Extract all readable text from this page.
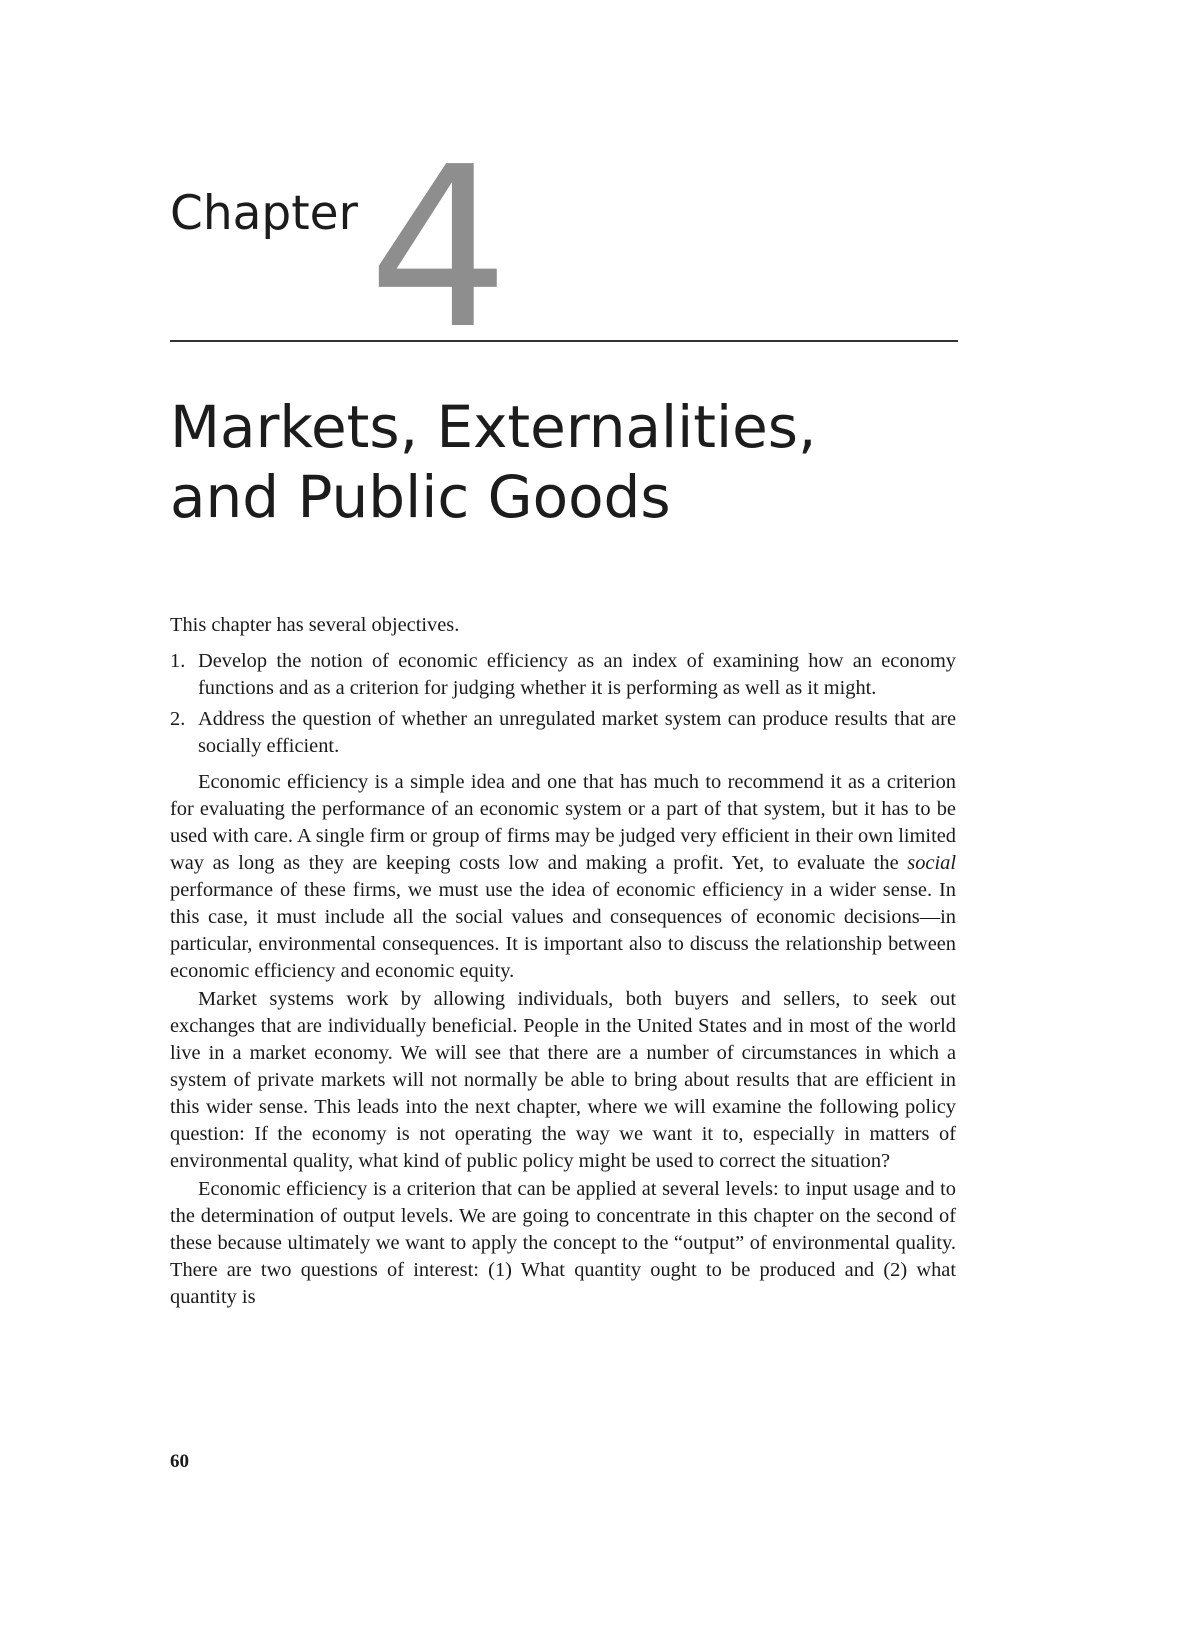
Chapter 4
Markets, Externalities,
and Public Goods

This chapter has several objectives.

1. Develop the notion of economic efficiency as an index of examining how an economy functions and as a criterion for judging whether it is performing as well as it might.
2. Address the question of whether an unregulated market system can produce results that are socially efficient.

Economic efficiency is a simple idea and one that has much to recommend it as a criterion for evaluating the performance of an economic system or a part of that system, but it has to be used with care. A single firm or group of firms may be judged very efficient in their own limited way as long as they are keeping costs low and making a profit. Yet, to evaluate the social performance of these firms, we must use the idea of economic efficiency in a wider sense. In this case, it must include all the social values and consequences of economic decisions—in particular, environmental consequences. It is important also to discuss the relationship between economic efficiency and economic equity.

Market systems work by allowing individuals, both buyers and sellers, to seek out exchanges that are individually beneficial. People in the United States and in most of the world live in a market economy. We will see that there are a number of circumstances in which a system of private markets will not normally be able to bring about results that are efficient in this wider sense. This leads into the next chapter, where we will examine the following policy question: If the economy is not operating the way we want it to, especially in matters of environmental quality, what kind of public policy might be used to correct the situation?

Economic efficiency is a criterion that can be applied at several levels: to input usage and to the determination of output levels. We are going to concentrate in this chapter on the second of these because ultimately we want to apply the concept to the “output” of environmental quality. There are two questions of interest: (1) What quantity ought to be produced and (2) what quantity is

60
